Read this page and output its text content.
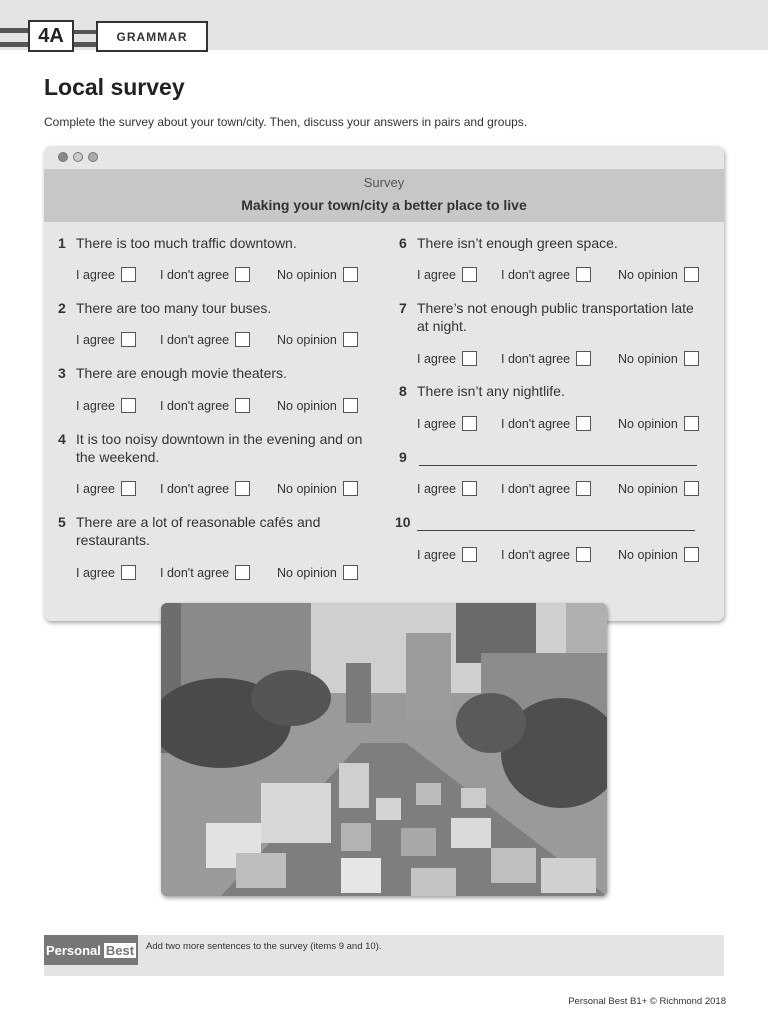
4A	GRAMMAR
Local survey

Complete the survey about your town/city. Then, discuss your answers in pairs and groups.

Survey
Making your town/city a better place to live
1 There is too much traffic downtown.
I agree	I don't agree	No opinion
2 There are too many tour buses.
I agree	I don't agree	No opinion
3 There are enough movie theaters.
I agree	I don't agree	No opinion
4 It is too noisy downtown in the evening and on the weekend.
I agree	I don't agree	No opinion
5 There are a lot of reasonable cafés and restaurants.
I agree	I don't agree	No opinion
6 There isn’t enough green space.
I agree	I don't agree	No opinion
7 There’s not enough public transportation late at night.
I agree	I don't agree	No opinion
8 There isn’t any nightlife.
I agree	I don't agree	No opinion
9
I agree	I don't agree	No opinion
10
I agree	I don't agree	No opinion
Personal Best Add two more sentences to the survey (items 9 and 10).

Personal Best B1+ © Richmond 2018
